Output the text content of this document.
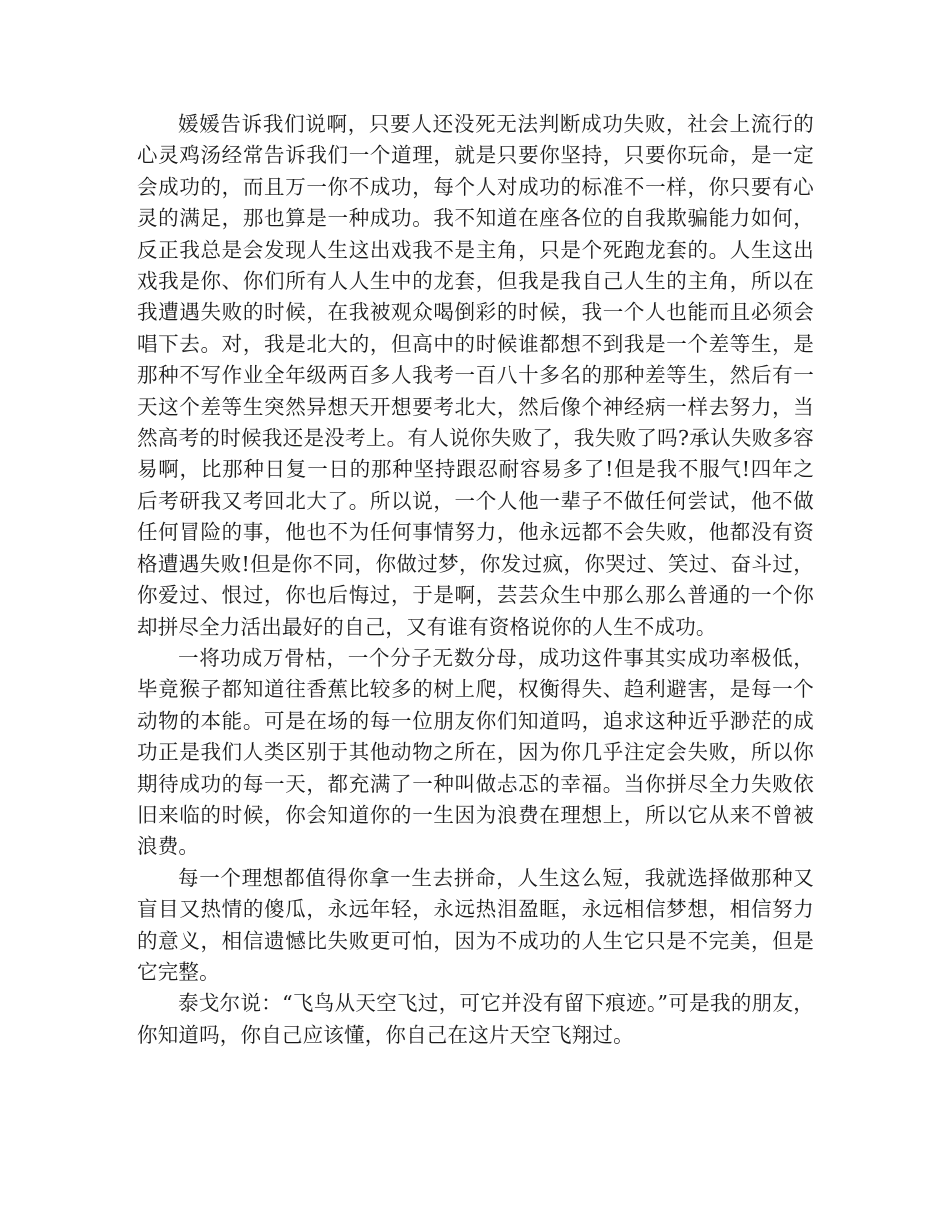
媛媛告诉我们说啊，只要人还没死无法判断成功失败，社会上流行的心灵鸡汤经常告诉我们一个道理，就是只要你坚持，只要你玩命，是一定会成功的，而且万一你不成功，每个人对成功的标准不一样，你只要有心灵的满足，那也算是一种成功。我不知道在座各位的自我欺骗能力如何，反正我总是会发现人生这出戏我不是主角，只是个死跑龙套的。人生这出戏我是你、你们所有人人生中的龙套，但我是我自己人生的主角，所以在我遭遇失败的时候，在我被观众喝倒彩的时候，我一个人也能而且必须会唱下去。对，我是北大的，但高中的时候谁都想不到我是一个差等生，是那种不写作业全年级两百多人我考一百八十多名的那种差等生，然后有一天这个差等生突然异想天开想要考北大，然后像个神经病一样去努力，当然高考的时候我还是没考上。有人说你失败了，我失败了吗?承认失败多容易啊，比那种日复一日的那种坚持跟忍耐容易多了!但是我不服气!四年之后考研我又考回北大了。所以说，一个人他一辈子不做任何尝试，他不做任何冒险的事，他也不为任何事情努力，他永远都不会失败，他都没有资格遭遇失败!但是你不同，你做过梦，你发过疯，你哭过、笑过、奋斗过，你爱过、恨过，你也后悔过，于是啊，芸芸众生中那么那么普通的一个你却拼尽全力活出最好的自己，又有谁有资格说你的人生不成功。

一将功成万骨枯，一个分子无数分母，成功这件事其实成功率极低，毕竟猴子都知道往香蕉比较多的树上爬，权衡得失、趋利避害，是每一个动物的本能。可是在场的每一位朋友你们知道吗，追求这种近乎渺茫的成功正是我们人类区别于其他动物之所在，因为你几乎注定会失败，所以你期待成功的每一天，都充满了一种叫做忐忑的幸福。当你拼尽全力失败依旧来临的时候，你会知道你的一生因为浪费在理想上，所以它从来不曾被浪费。

每一个理想都值得你拿一生去拼命，人生这么短，我就选择做那种又盲目又热情的傻瓜，永远年轻，永远热泪盈眶，永远相信梦想，相信努力的意义，相信遗憾比失败更可怕，因为不成功的人生它只是不完美，但是它完整。

泰戈尔说：“飞鸟从天空飞过，可它并没有留下痕迹。”可是我的朋友，你知道吗，你自己应该懂，你自己在这片天空飞翔过。
